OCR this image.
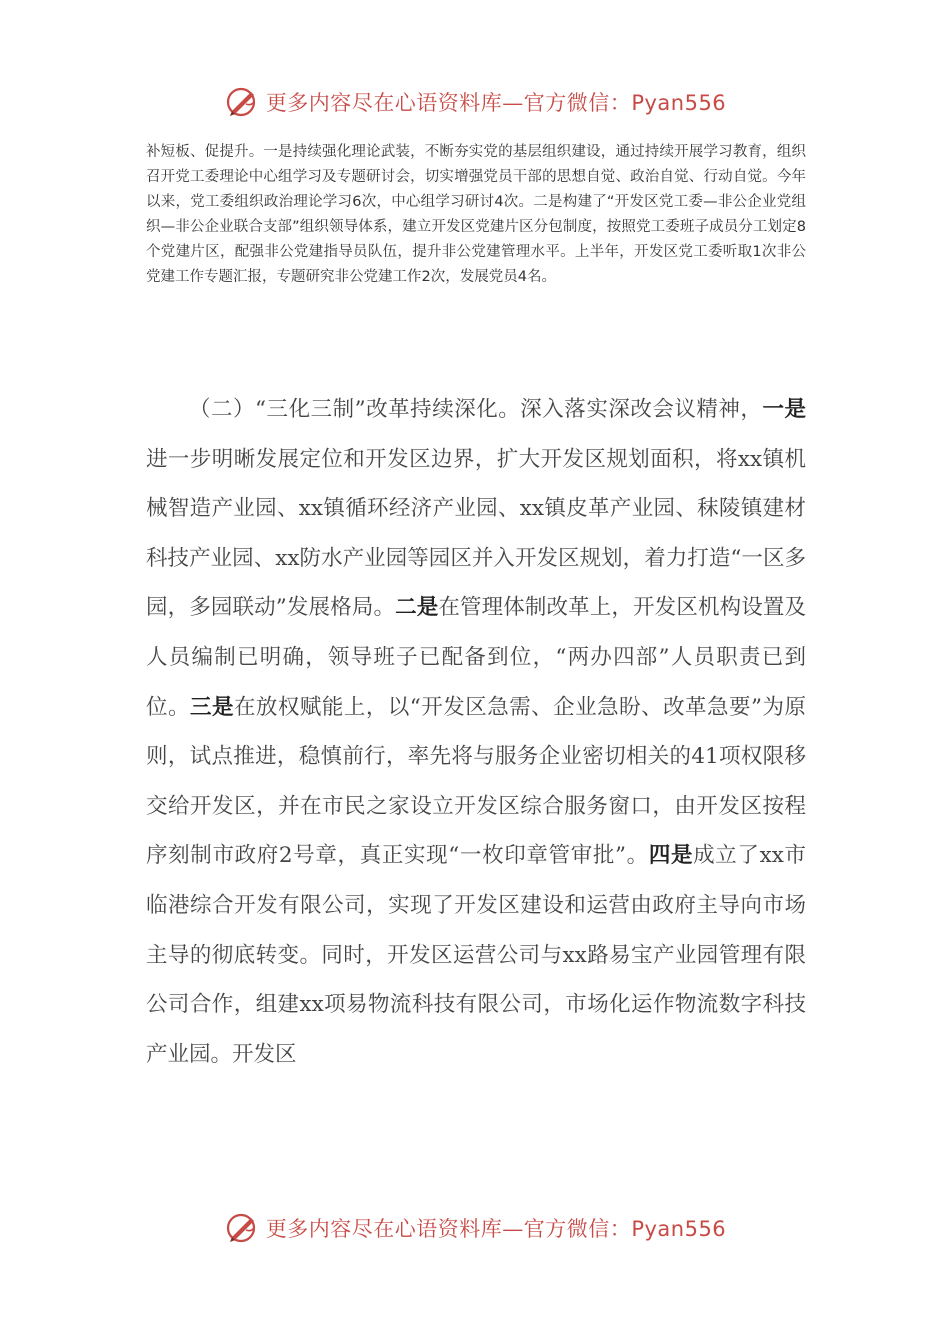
更多内容尽在心语资料库—官方微信：Pyan556

补短板、促提升。一是持续强化理论武装，不断夯实党的基层组织建设，通过持续开展学习教育，组织召开党工委理论中心组学习及专题研讨会，切实增强党员干部的思想自觉、政治自觉、行动自觉。今年以来，党工委组织政治理论学习6次，中心组学习研讨4次。二是构建了“开发区党工委—非公企业党组织—非公企业联合支部”组织领导体系，建立开发区党建片区分包制度，按照党工委班子成员分工划定8个党建片区，配强非公党建指导员队伍，提升非公党建管理水平。上半年，开发区党工委听取1次非公党建工作专题汇报，专题研究非公党建工作2次，发展党员4名。

（二）“三化三制”改革持续深化。深入落实深改会议精神，一是进一步明晰发展定位和开发区边界，扩大开发区规划面积，将xx镇机械智造产业园、xx镇循环经济产业园、xx镇皮革产业园、秣陵镇建材科技产业园、xx防水产业园等园区并入开发区规划，着力打造“一区多园，多园联动”发展格局。二是在管理体制改革上，开发区机构设置及人员编制已明确，领导班子已配备到位，“两办四部”人员职责已到位。三是在放权赋能上，以“开发区急需、企业急盼、改革急要”为原则，试点推进，稳慎前行，率先将与服务企业密切相关的41项权限移交给开发区，并在市民之家设立开发区综合服务窗口，由开发区按程序刻制市政府2号章，真正实现“一枚印章管审批”。四是成立了xx市临港综合开发有限公司，实现了开发区建设和运营由政府主导向市场主导的彻底转变。同时，开发区运营公司与xx路易宝产业园管理有限公司合作，组建xx项易物流科技有限公司，市场化运作物流数字科技产业园。开发区

更多内容尽在心语资料库—官方微信：Pyan556
